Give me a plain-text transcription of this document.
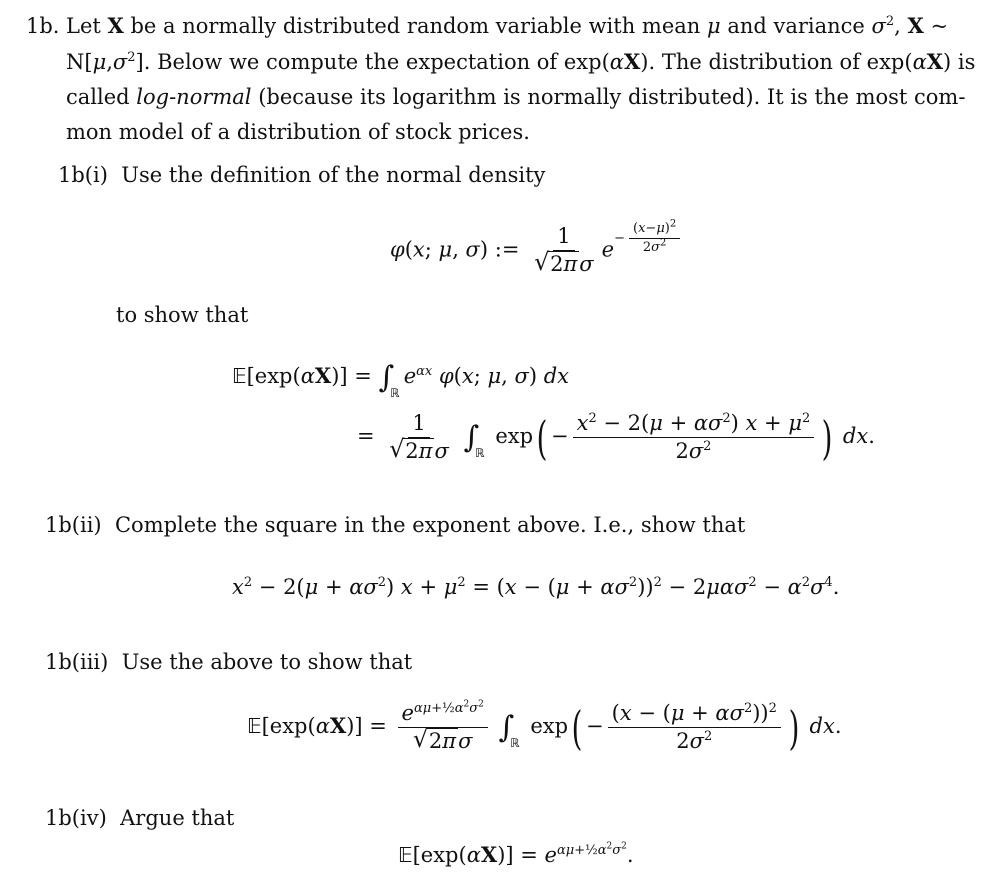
1b. Let X be a normally distributed random variable with mean μ and variance $\sigma^2$, X ~
$N[\mu,\sigma^2]$. Below we compute the expectation of exp(αX). The distribution of exp(αX) is
called log-normal (because its logarithm is normally distributed). It is the most com-
mon model of a distribution of stock prices.
1b(i) Use the definition of the normal density
φ(x; μ, σ) := 1
√ 2πσ $e^{- \frac{(x-\mu)^2}{2\sigma^2}}$
to show that
𝔼[exp(αX)] = $\int_ℝe^{\alpha x}$ φ(x; μ, σ) dx
= 1
√ 2πσ $\int_ℝ$ $\exp( - \frac{x^2 - 2(\mu + \alpha\sigma^2) x + \mu^2}{2\sigma^2}$ ) dx.
1b(ii) Complete the square in the exponent above. I.e., show that
$x^2 - 2(\mu + \alpha\sigma^2) x + \mu^2 = (x - (\mu + \alpha\sigma^2))^2 - 2\mu\alpha\sigma^2 - \alpha^2\sigma^4$.
1b(iii) Use the above to show that
𝔼[exp(αX)] = $e^{\alpha\mu+\frac{1}{2}\alpha^2\sigma^2}$
√ 2πσ $\int_ℝ$ $\exp( - \frac{(x - (\mu + \alpha\sigma^2))^2}{2\sigma^2}$ ) dx.
1b(iv) Argue that
𝔼[exp(αX)] = $e^{\alpha\mu+\frac{1}{2}\alpha^2\sigma^2}$.
